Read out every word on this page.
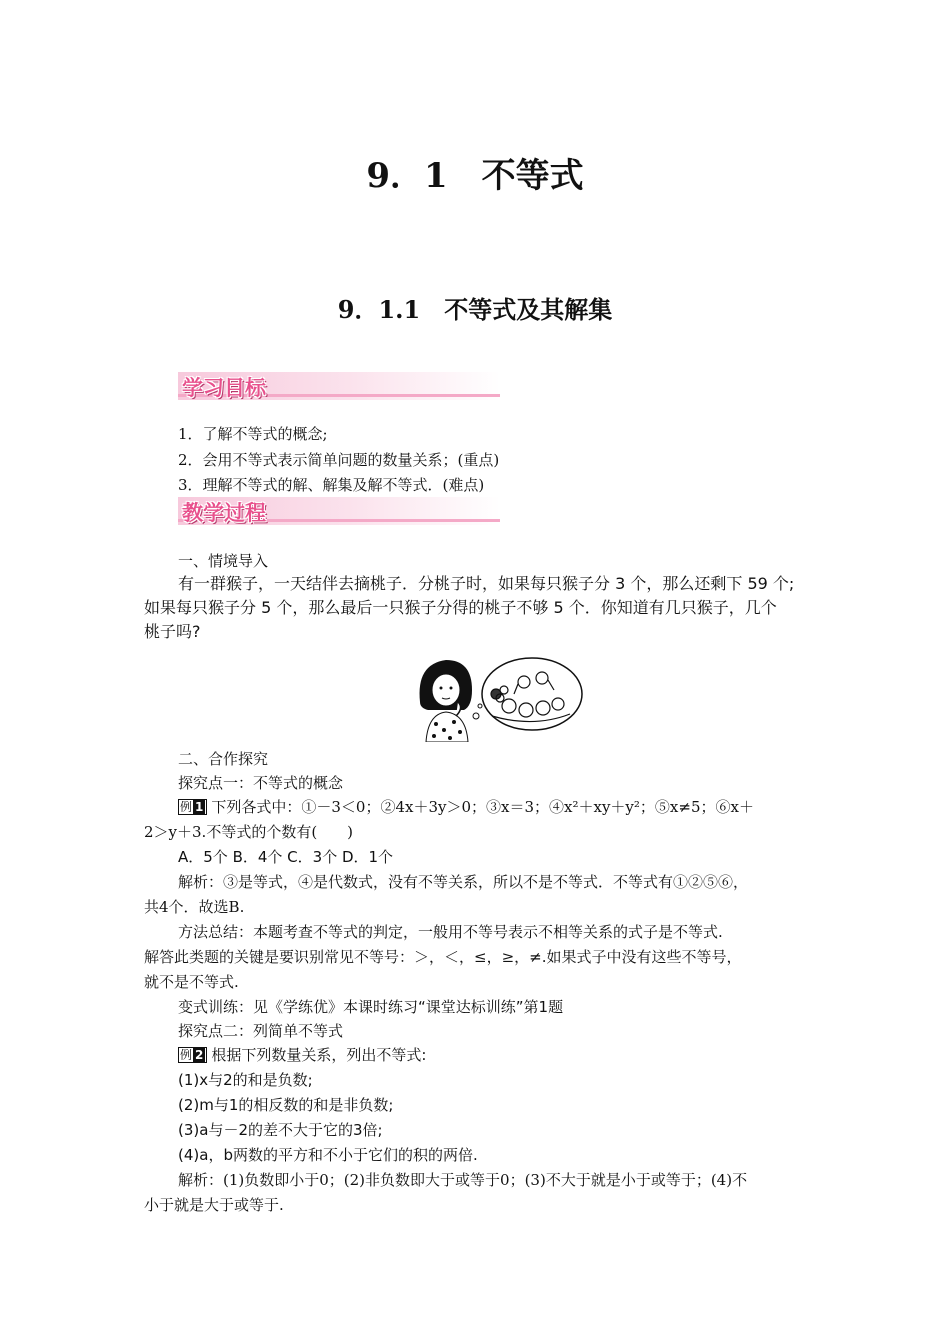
9．1　不等式
9．1.1　不等式及其解集
学习目标
1．了解不等式的概念;
2．会用不等式表示简单问题的数量关系；(重点)
3．理解不等式的解、解集及解不等式．(难点)
教学过程
一、情境导入
有一群猴子，一天结伴去摘桃子．分桃子时，如果每只猴子分 3 个，那么还剩下 59 个;
如果每只猴子分 5 个，那么最后一只猴子分得的桃子不够 5 个．你知道有几只猴子，几个
桃子吗?
二、合作探究
探究点一：不等式的概念
例 1 下列各式中：①－3＜0；②4x＋3y＞0；③x＝3；④x²＋xy＋y²；⑤x≠5；⑥x＋
2＞y＋3.不等式的个数有(　　)
A．5个 B．4个 C．3个 D．1个
解析：③是等式，④是代数式，没有不等关系，所以不是不等式．不等式有①②⑤⑥，
共4个．故选B.
方法总结：本题考查不等式的判定，一般用不等号表示不相等关系的式子是不等式.
解答此类题的关键是要识别常见不等号：＞，＜，≤，≥，≠.如果式子中没有这些不等号，
就不是不等式.
变式训练：见《学练优》本课时练习“课堂达标训练”第1题
探究点二：列简单不等式
例 2 根据下列数量关系，列出不等式:
(1)x与2的和是负数;
(2)m与1的相反数的和是非负数;
(3)a与－2的差不大于它的3倍;
(4)a，b两数的平方和不小于它们的积的两倍.
解析：(1)负数即小于0；(2)非负数即大于或等于0；(3)不大于就是小于或等于；(4)不
小于就是大于或等于.
